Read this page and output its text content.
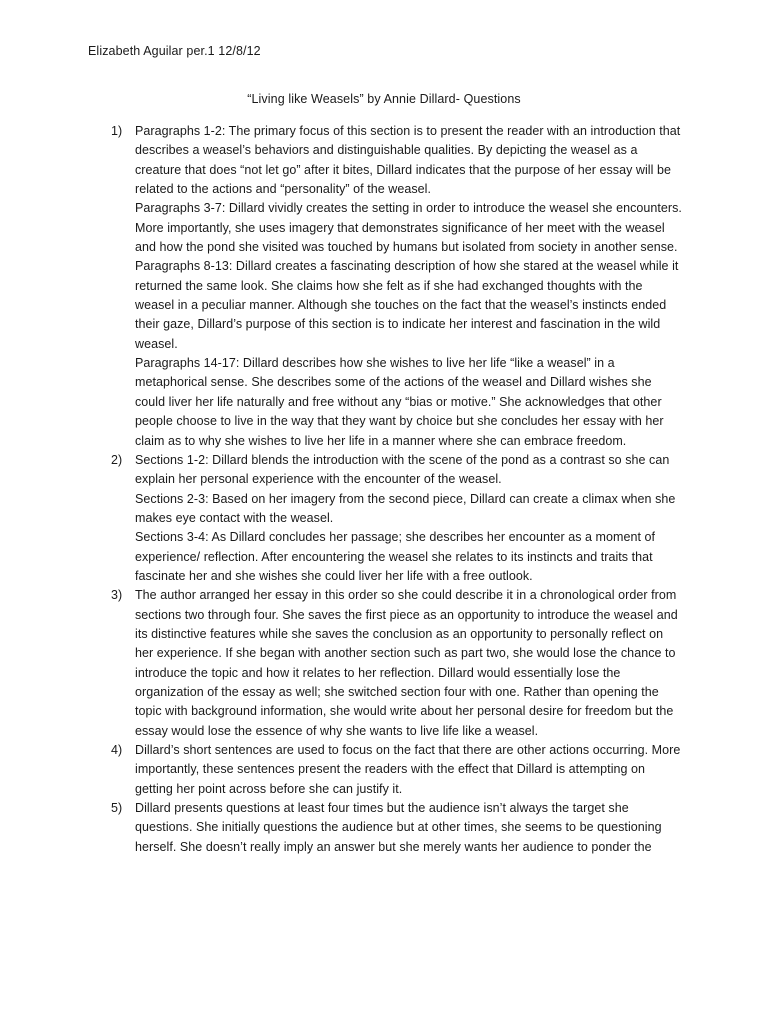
Elizabeth Aguilar per.1 12/8/12
“Living like Weasels” by Annie Dillard- Questions
1) Paragraphs 1-2: The primary focus of this section is to present the reader with an introduction that describes a weasel’s behaviors and distinguishable qualities. By depicting the weasel as a creature that does “not let go” after it bites, Dillard indicates that the purpose of her essay will be related to the actions and “personality” of the weasel.

Paragraphs 3-7: Dillard vividly creates the setting in order to introduce the weasel she encounters. More importantly, she uses imagery that demonstrates significance of her meet with the weasel and how the pond she visited was touched by humans but isolated from society in another sense.

Paragraphs 8-13: Dillard creates a fascinating description of how she stared at the weasel while it returned the same look. She claims how she felt as if she had exchanged thoughts with the weasel in a peculiar manner. Although she touches on the fact that the weasel’s instincts ended their gaze, Dillard’s purpose of this section is to indicate her interest and fascination in the wild weasel.

Paragraphs 14-17: Dillard describes how she wishes to live her life “like a weasel” in a metaphorical sense. She describes some of the actions of the weasel and Dillard wishes she could liver her life naturally and free without any “bias or motive.” She acknowledges that other people choose to live in the way that they want by choice but she concludes her essay with her claim as to why she wishes to live her life in a manner where she can embrace freedom.

2) Sections 1-2: Dillard blends the introduction with the scene of the pond as a contrast so she can explain her personal experience with the encounter of the weasel.

Sections 2-3: Based on her imagery from the second piece, Dillard can create a climax when she makes eye contact with the weasel.

Sections 3-4: As Dillard concludes her passage; she describes her encounter as a moment of experience/ reflection. After encountering the weasel she relates to its instincts and traits that fascinate her and she wishes she could liver her life with a free outlook.

3) The author arranged her essay in this order so she could describe it in a chronological order from sections two through four. She saves the first piece as an opportunity to introduce the weasel and its distinctive features while she saves the conclusion as an opportunity to personally reflect on her experience. If she began with another section such as part two, she would lose the chance to introduce the topic and how it relates to her reflection. Dillard would essentially lose the organization of the essay as well; she switched section four with one. Rather than opening the topic with background information, she would write about her personal desire for freedom but the essay would lose the essence of why she wants to live life like a weasel.

4) Dillard’s short sentences are used to focus on the fact that there are other actions occurring. More importantly, these sentences present the readers with the effect that Dillard is attempting on getting her point across before she can justify it.

5) Dillard presents questions at least four times but the audience isn’t always the target she questions. She initially questions the audience but at other times, she seems to be questioning herself. She doesn’t really imply an answer but she merely wants her audience to ponder the
